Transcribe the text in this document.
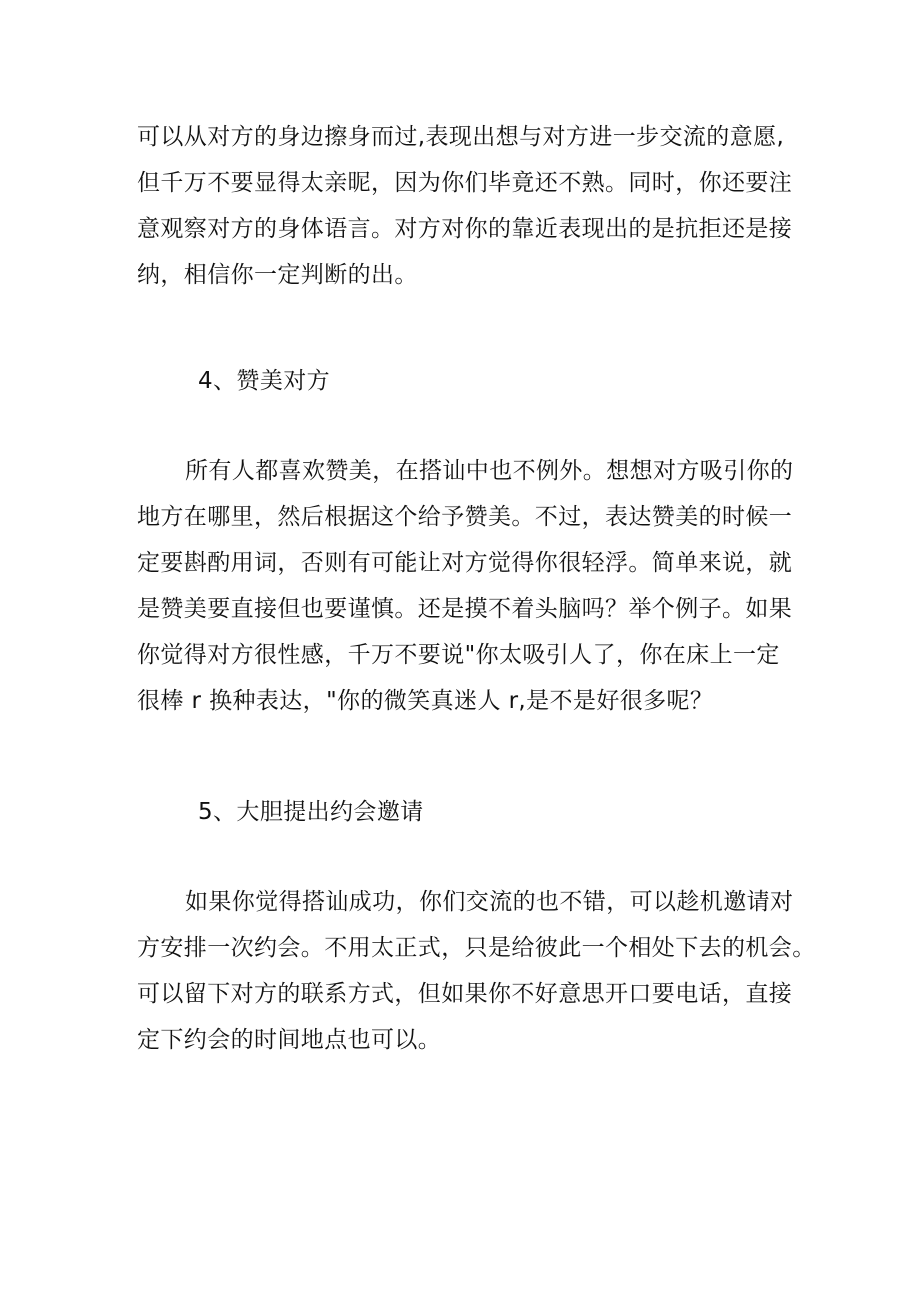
可以从对方的身边擦身而过,表现出想与对方进一步交流的意愿,
但千万不要显得太亲昵，因为你们毕竟还不熟。同时，你还要注
意观察对方的身体语言。对方对你的靠近表现出的是抗拒还是接
纳，相信你一定判断的出。
4、赞美对方
所有人都喜欢赞美，在搭讪中也不例外。想想对方吸引你的
地方在哪里，然后根据这个给予赞美。不过，表达赞美的时候一
定要斟酌用词，否则有可能让对方觉得你很轻浮。简单来说，就
是赞美要直接但也要谨慎。还是摸不着头脑吗？举个例子。如果
你觉得对方很性感，千万不要说"你太吸引人了，你在床上一定
很棒 r 换种表达，"你的微笑真迷人 r,是不是好很多呢？
5、大胆提出约会邀请
如果你觉得搭讪成功，你们交流的也不错，可以趁机邀请对
方安排一次约会。不用太正式，只是给彼此一个相处下去的机会。
可以留下对方的联系方式，但如果你不好意思开口要电话，直接
定下约会的时间地点也可以。
